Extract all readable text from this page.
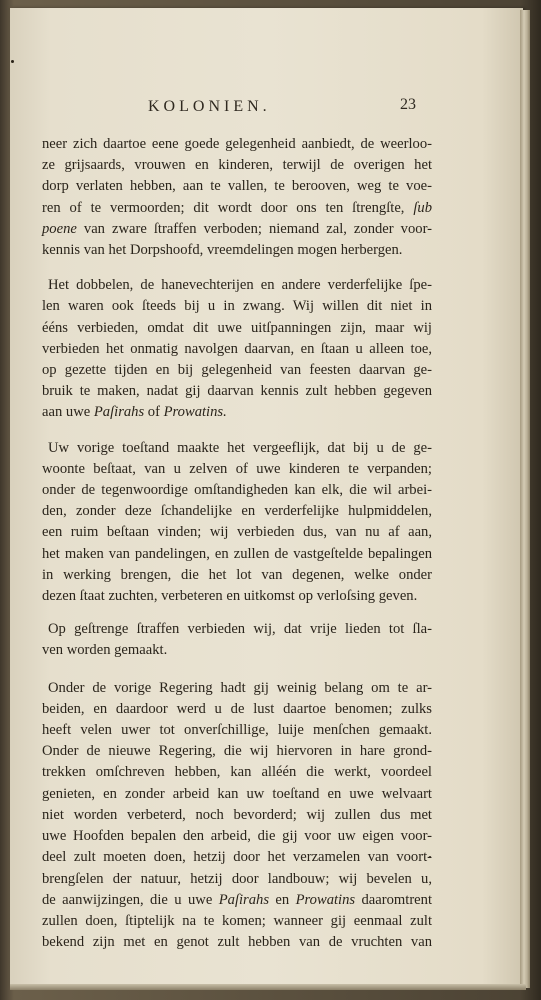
KOLONIEN.	23
neer zich daartoe eene goede gelegenheid aanbiedt, de weerloo-
ze grijsaards, vrouwen en kinderen, terwijl de overigen het
dorp verlaten hebben, aan te vallen, te berooven, weg te voe-
ren of te vermoorden; dit wordt door ons ten ſtrengſte, ſub
poene van zware ſtraffen verboden; niemand zal, zonder voor-
kennis van het Dorpshoofd, vreemdelingen mogen herbergen.
Het dobbelen, de hanevechterijen en andere verderfelijke ſpe-
len waren ook ſteeds bij u in zwang. Wij willen dit niet in
ééns verbieden, omdat dit uwe uitſpanningen zijn, maar wij
verbieden het onmatig navolgen daarvan, en ſtaan u alleen toe,
op gezette tijden en bij gelegenheid van feesten daarvan ge-
bruik te maken, nadat gij daarvan kennis zult hebben gegeven
aan uwe Paſirahs of Prowatins.
Uw vorige toeſtand maakte het vergeeflijk, dat bij u de ge-
woonte beſtaat, van u zelven of uwe kinderen te verpanden;
onder de tegenwoordige omſtandigheden kan elk, die wil arbei-
den, zonder deze ſchandelijke en verderfelijke hulpmiddelen,
een ruim beſtaan vinden; wij verbieden dus, van nu af aan,
het maken van pandelingen, en zullen de vastgeſtelde bepalingen
in werking brengen, die het lot van degenen, welke onder
dezen ſtaat zuchten, verbeteren en uitkomst op verloſsing geven.
Op geſtrenge ſtraffen verbieden wij, dat vrije lieden tot ſla-
ven worden gemaakt.
Onder de vorige Regering hadt gij weinig belang om te ar-
beiden, en daardoor werd u de lust daartoe benomen; zulks
heeft velen uwer tot onverſchillige, luije menſchen gemaakt.
Onder de nieuwe Regering, die wij hiervoren in hare grond-
trekken omſchreven hebben, kan alléén die werkt, voordeel
genieten, en zonder arbeid kan uw toeſtand en uwe welvaart
niet worden verbeterd, noch bevorderd; wij zullen dus met
uwe Hoofden bepalen den arbeid, die gij voor uw eigen voor-
deel zult moeten doen, hetzij door het verzamelen van voort-
brengſelen der natuur, hetzij door landbouw; wij bevelen u,
de aanwijzingen, die u uwe Paſirahs en Prowatins daaromtrent
zullen doen, ſtiptelijk na te komen; wanneer gij eenmaal zult
bekend zijn met en genot zult hebben van de vruchten van
